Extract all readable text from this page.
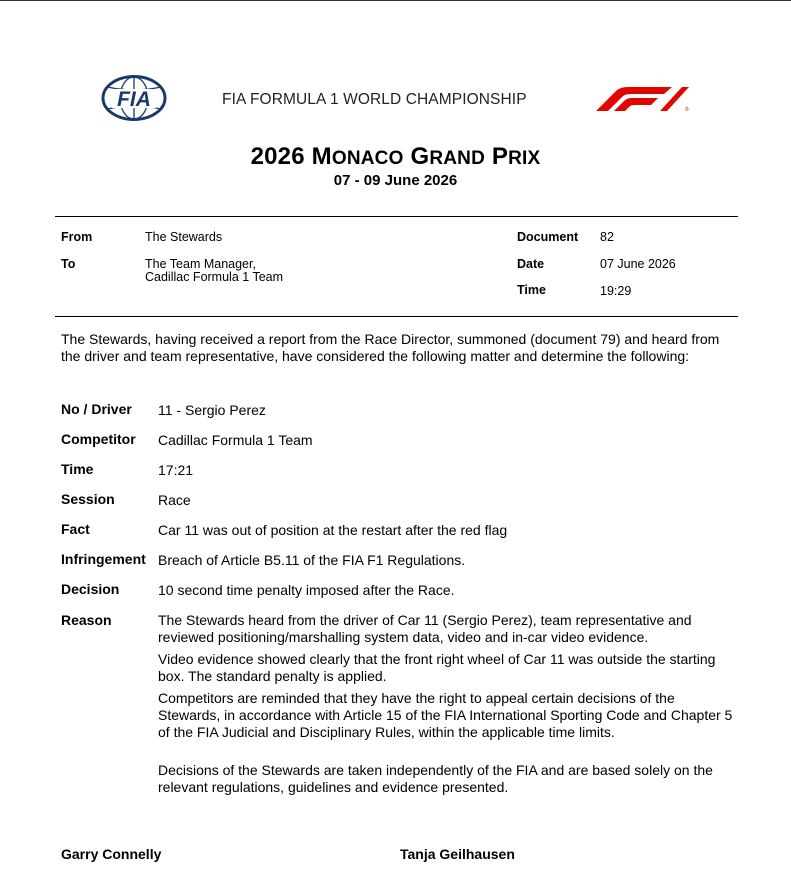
FIA	FIA FORMULA 1 WORLD CHAMPIONSHIP
®
2026 MONACO GRAND PRIX
07 - 09 June 2026
From	The Stewards
To	The Team Manager,
Cadillac Formula 1 Team
Document 82
Date	07 June 2026
Time	19:29
The Stewards, having received a report from the Race Director, summoned (document 79) and heard from the driver and team representative, have considered the following matter and determine the following:
No / Driver 11 - Sergio Perez
Competitor Cadillac Formula 1 Team
Time	17:21
Session	Race
Fact	Car 11 was out of position at the restart after the red flag
Infringement Breach of Article B5.11 of the FIA F1 Regulations.
Decision	10 second time penalty imposed after the Race.
Reason	The Stewards heard from the driver of Car 11 (Sergio Perez), team representative and reviewed positioning/marshalling system data, video and in-car video evidence.

Video evidence showed clearly that the front right wheel of Car 11 was outside the starting box. The standard penalty is applied.

Competitors are reminded that they have the right to appeal certain decisions of the Stewards, in accordance with Article 15 of the FIA International Sporting Code and Chapter 5 of the FIA Judicial and Disciplinary Rules, within the applicable time limits.

Decisions of the Stewards are taken independently of the FIA and are based solely on the relevant regulations, guidelines and evidence presented.
Garry Connelly	Tanja Geilhausen
